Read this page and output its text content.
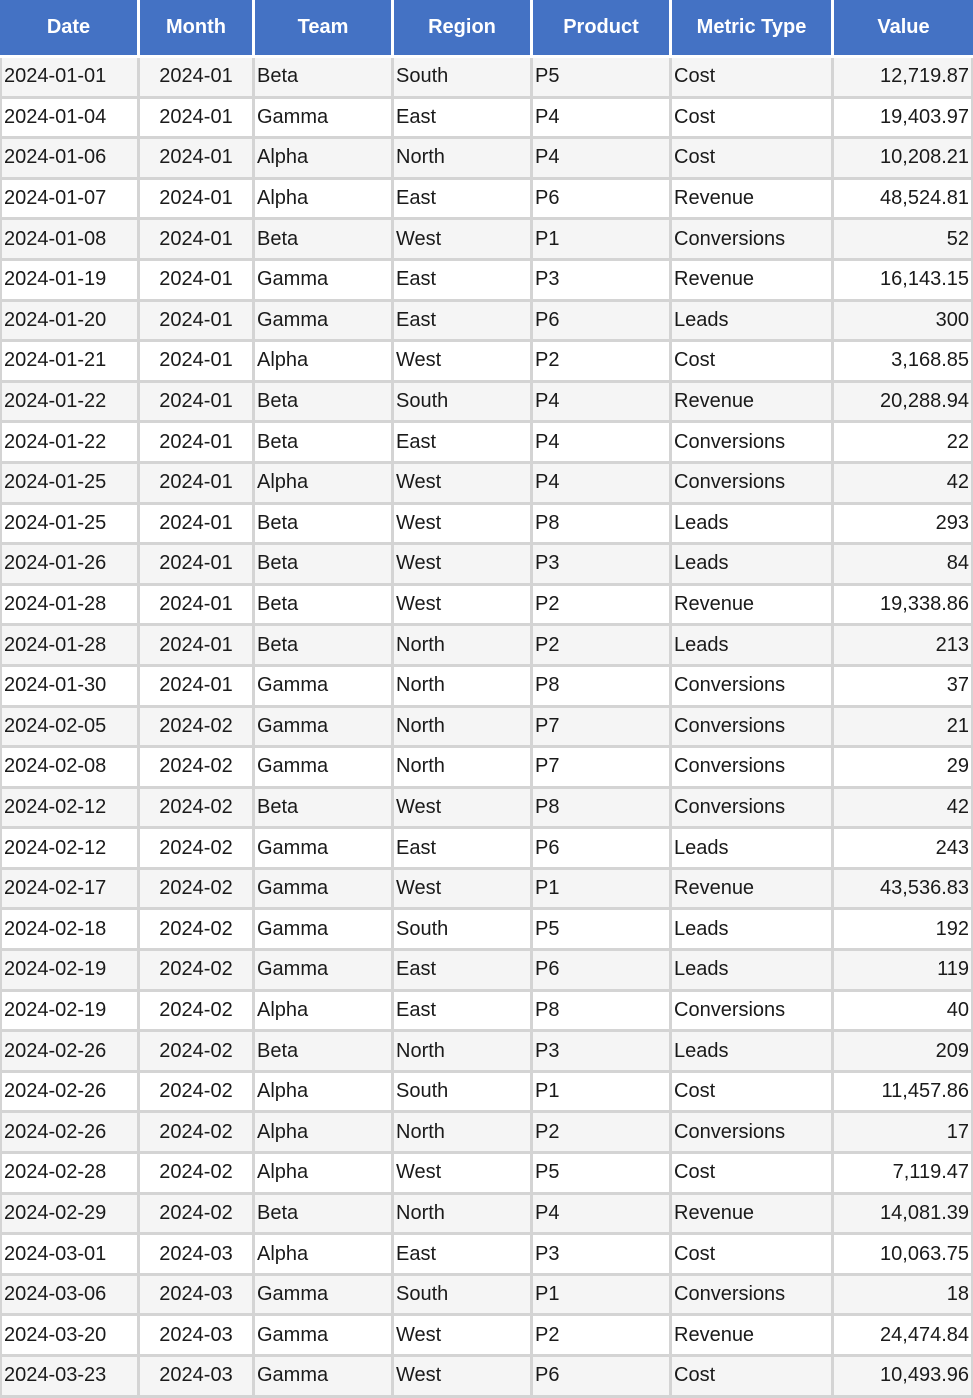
Date	Month	Team	Region	Product	Metric Type	Value
2024-01-01	2024-01	Beta	South	P5	Cost	12,719.87
2024-01-04	2024-01	Gamma	East	P4	Cost	19,403.97
2024-01-06	2024-01	Alpha	North	P4	Cost	10,208.21
2024-01-07	2024-01	Alpha	East	P6	Revenue	48,524.81
2024-01-08	2024-01	Beta	West	P1	Conversions	52
2024-01-19	2024-01	Gamma	East	P3	Revenue	16,143.15
2024-01-20	2024-01	Gamma	East	P6	Leads	300
2024-01-21	2024-01	Alpha	West	P2	Cost	3,168.85
2024-01-22	2024-01	Beta	South	P4	Revenue	20,288.94
2024-01-22	2024-01	Beta	East	P4	Conversions	22
2024-01-25	2024-01	Alpha	West	P4	Conversions	42
2024-01-25	2024-01	Beta	West	P8	Leads	293
2024-01-26	2024-01	Beta	West	P3	Leads	84
2024-01-28	2024-01	Beta	West	P2	Revenue	19,338.86
2024-01-28	2024-01	Beta	North	P2	Leads	213
2024-01-30	2024-01	Gamma	North	P8	Conversions	37
2024-02-05	2024-02	Gamma	North	P7	Conversions	21
2024-02-08	2024-02	Gamma	North	P7	Conversions	29
2024-02-12	2024-02	Beta	West	P8	Conversions	42
2024-02-12	2024-02	Gamma	East	P6	Leads	243
2024-02-17	2024-02	Gamma	West	P1	Revenue	43,536.83
2024-02-18	2024-02	Gamma	South	P5	Leads	192
2024-02-19	2024-02	Gamma	East	P6	Leads	119
2024-02-19	2024-02	Alpha	East	P8	Conversions	40
2024-02-26	2024-02	Beta	North	P3	Leads	209
2024-02-26	2024-02	Alpha	South	P1	Cost	11,457.86
2024-02-26	2024-02	Alpha	North	P2	Conversions	17
2024-02-28	2024-02	Alpha	West	P5	Cost	7,119.47
2024-02-29	2024-02	Beta	North	P4	Revenue	14,081.39
2024-03-01	2024-03	Alpha	East	P3	Cost	10,063.75
2024-03-06	2024-03	Gamma	South	P1	Conversions	18
2024-03-20	2024-03	Gamma	West	P2	Revenue	24,474.84
2024-03-23	2024-03	Gamma	West	P6	Cost	10,493.96
